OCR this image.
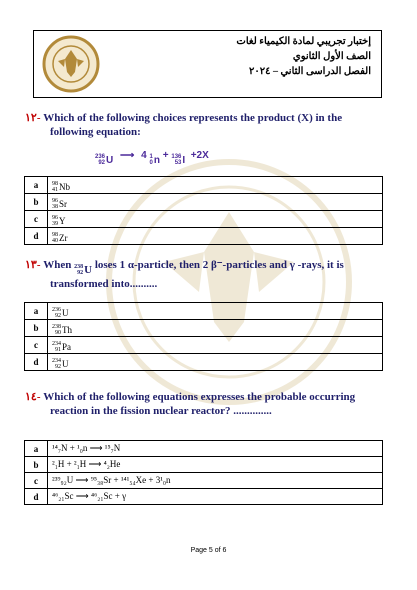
إختبار تجريبي لمادة الكيمياء لغات
الصف الأول الثانوي
الفصل الدراسى الثاني – ٢٠٢٤
١٢- Which of the following choices represents the product (X) in the
following equation:
236
92 U ⟶ 4 1
0 n + 136
53 I +2X
a	98
41 Nb

b	96
38 Sr

c	96
39 Y

d	98
40 Zr
١٣- When 238
92 U loses 1 α-particle, then 2 β⁻-particles and γ -rays, it is
transformed into..........
a	236
92 U

b	238
90 Th

c	234
91 Pa

d	234
92 U
١٤- Which of the following equations expresses the probable occurring
reaction in the fission nuclear reactor? ..............
a	¹⁴₇N + ¹₀n ⟶ ¹⁵₇N
b	²₁H + ²₁H ⟶ ⁴₂He
c	²³⁹₉₂U ⟶ ⁹⁵₃₈Sr + ¹⁴¹₅₄Xe + 3¹₀n
d	⁴⁶₂₁Sc ⟶ ⁴⁶₂₁Sc + γ
Page 5 of 6
